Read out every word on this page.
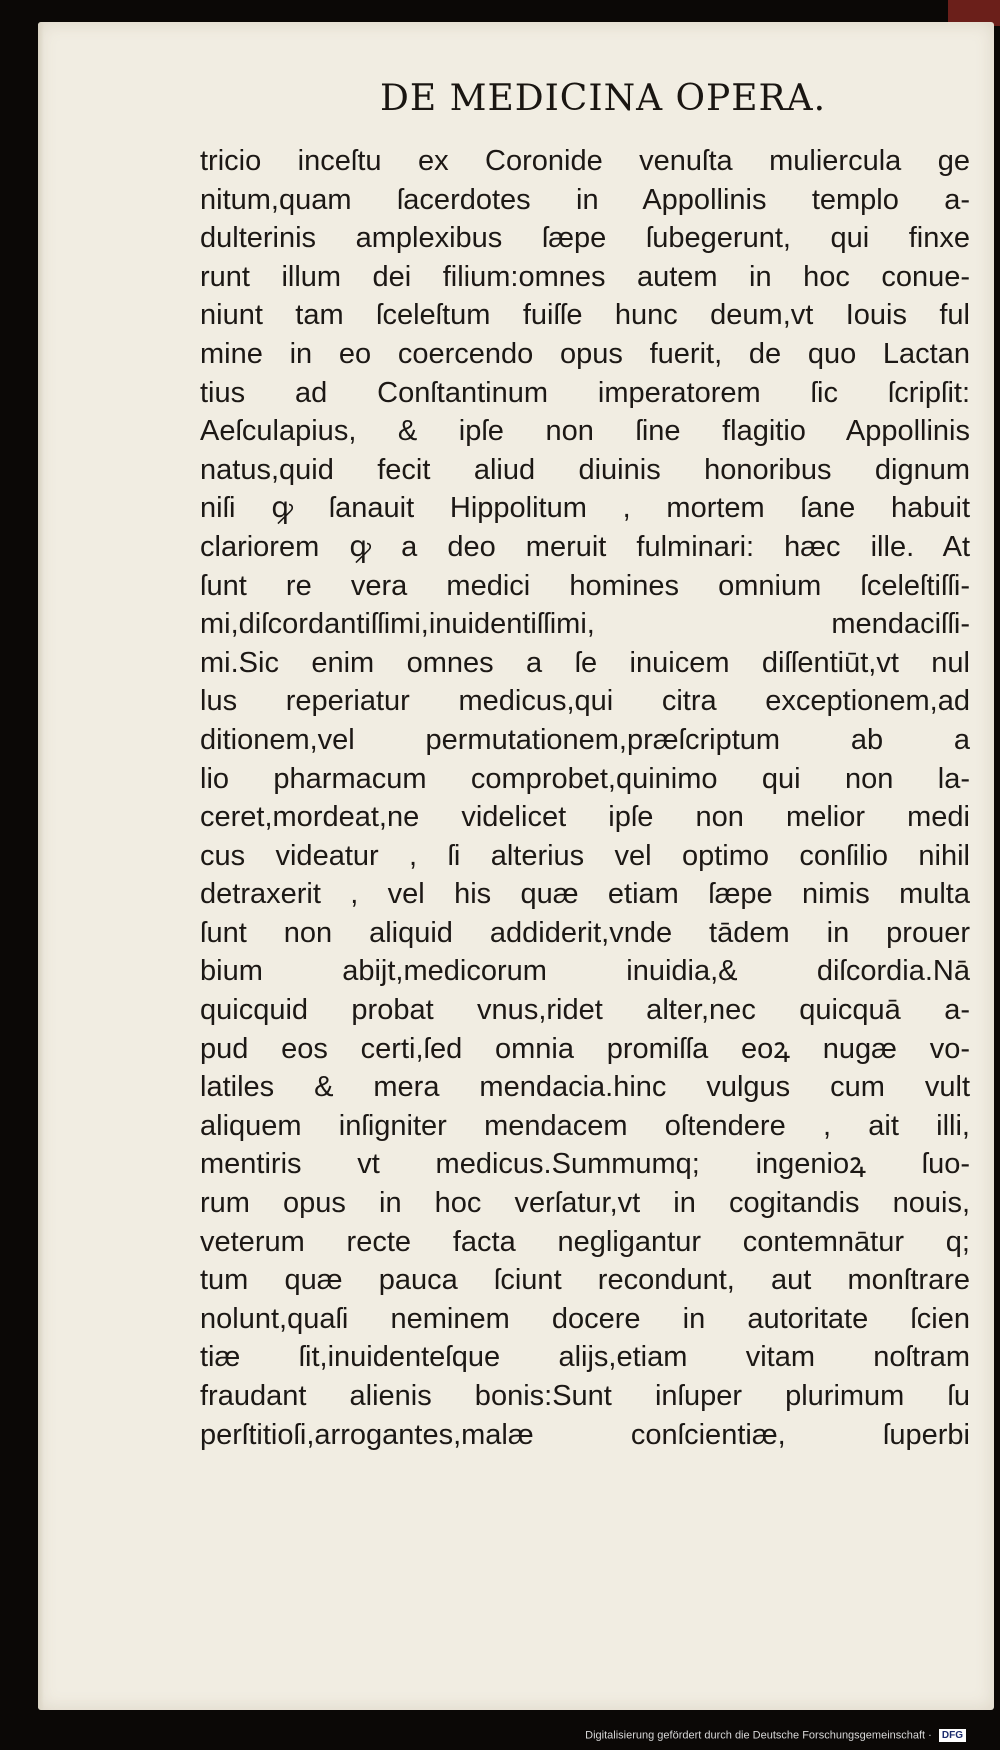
DE MEDICINA OPERA.
tricio inceſtu ex Coronide venuſta muliercula ge
nitum,quam ſacerdotes in Appollinis templo a-
dulterinis amplexibus ſæpe ſubegerunt, qui finxe
runt illum dei filium:omnes autem in hoc conue-
niunt tam ſceleſtum fuiſſe hunc deum,vt Iouis ful
mine in eo coercendo opus fuerit, de quo Lactan
tius ad Conſtantinum imperatorem ſic ſcripſit:
Aeſculapius, & ipſe non ſine flagitio Appollinis
natus,quid fecit aliud diuinis honoribus dignum
niſi ꝙ ſanauit Hippolitum , mortem ſane habuit
clariorem ꝙ a deo meruit fulminari: hæc ille. At
ſunt re vera medici homines omnium ſceleſtiſſi-
mi,diſcordantiſſimi,inuidentiſſimi, mendaciſſi-
mi.Sic enim omnes a ſe inuicem diſſentiūt,vt nul
lus reperiatur medicus,qui citra exceptionem,ad
ditionem,vel permutationem,præſcriptum ab a
lio pharmacum comprobet,quinimo qui non la-
ceret,mordeat,ne videlicet ipſe non melior medi
cus videatur , ſi alterius vel optimo conſilio nihil
detraxerit , vel his quæ etiam ſæpe nimis multa
ſunt non aliquid addiderit,vnde tādem in prouer
bium abijt,medicorum inuidia,& diſcordia.Nā
quicquid probat vnus,ridet alter,nec quicquā a-
pud eos certi,ſed omnia promiſſa eoꝝ nugæ vo-
latiles & mera mendacia.hinc vulgus cum vult
aliquem inſigniter mendacem oſtendere , ait illi,
mentiris vt medicus.Summumq; ingenioꝝ ſuo-
rum opus in hoc verſatur,vt in cogitandis nouis,
veterum recte facta negligantur contemnātur q;
tum quæ pauca ſciunt recondunt, aut monſtrare
nolunt,quaſi neminem docere in autoritate ſcien
tiæ ſit,inuidenteſque alijs,etiam vitam noſtram
fraudant alienis bonis:Sunt inſuper plurimum ſu
perſtitioſi,arrogantes,malæ conſcientiæ, ſuperbi
Digitalisierung gefördert durch die Deutsche Forschungsgemeinschaft · DFG
